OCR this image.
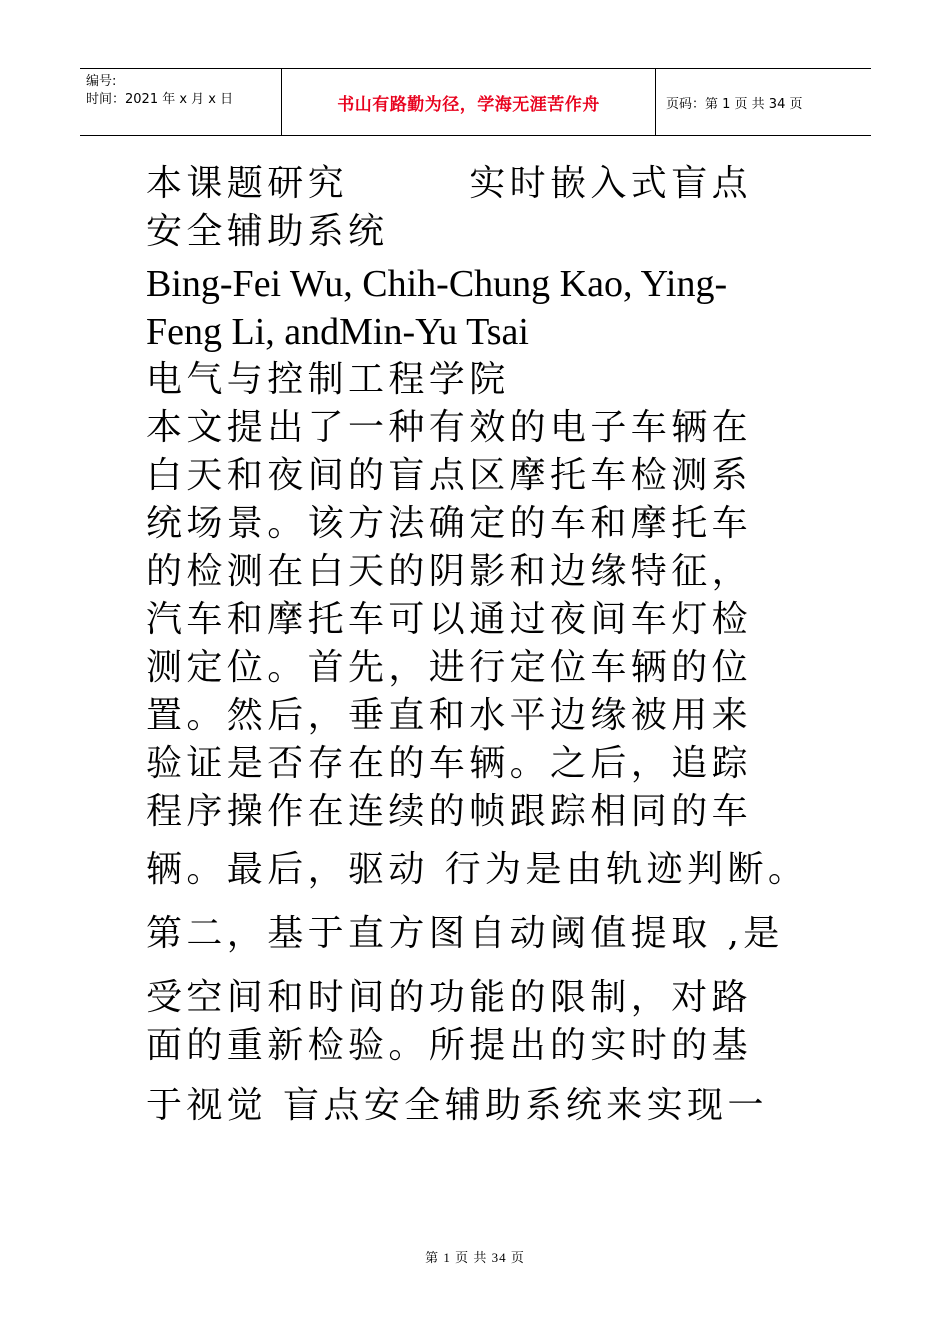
编号:
时间：2021 年 x 月 x 日	书山有路勤为径，学海无涯苦作舟	页码：第 1 页 共 34 页

本课题研究　　　实时嵌入式盲点

安全辅助系统

Bing-Fei Wu, Chih-Chung Kao, Ying-

Feng Li, andMin-Yu Tsai

电气与控制工程学院

本文提出了一种有效的电子车辆在

白天和夜间的盲点区摩托车检测系

统场景。该方法确定的车和摩托车

的检测在白天的阴影和边缘特征，

汽车和摩托车可以通过夜间车灯检

测定位。首先，进行定位车辆的位

置。然后，垂直和水平边缘被用来

验证是否存在的车辆。之后，追踪

程序操作在连续的帧跟踪相同的车

辆。最后，驱动 行为是由轨迹判断。

第二，基于直方图自动阈值提取 ,是

受空间和时间的功能的限制，对路

面的重新检验。所提出的实时的基

于视觉 盲点安全辅助系统来实现一

第 1 页 共 34 页
